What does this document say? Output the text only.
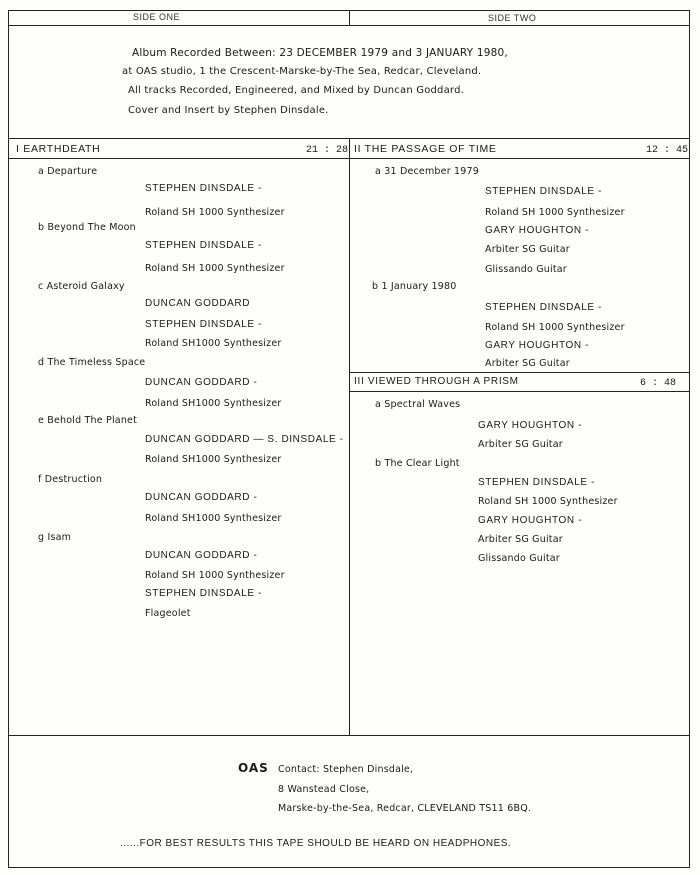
SIDE ONE	SIDE TWO
Album Recorded Between: 23 DECEMBER 1979 and 3 JANUARY 1980,
at OAS studio, 1 the Crescent-Marske-by-The Sea, Redcar, Cleveland.
All tracks Recorded, Engineered, and Mixed by Duncan Goddard.
Cover and Insert by Stephen Dinsdale.
I EARTHDEATH	21 : 28
a Departure
STEPHEN DINSDALE -
Roland SH 1000 Synthesizer
b Beyond The Moon
STEPHEN DINSDALE -
Roland SH 1000 Synthesizer
c Asteroid Galaxy
DUNCAN GODDARD
STEPHEN DINSDALE -
Roland SH1000 Synthesizer
d The Timeless Space
DUNCAN GODDARD -
Roland SH1000 Synthesizer
e Behold The Planet
DUNCAN GODDARD — S. DINSDALE -
Roland SH1000 Synthesizer
f Destruction
DUNCAN GODDARD -
Roland SH1000 Synthesizer
g Isam
DUNCAN GODDARD -
Roland SH 1000 Synthesizer
STEPHEN DINSDALE -
Flageolet
II THE PASSAGE OF TIME	12 : 45
a 31 December 1979
STEPHEN DINSDALE -
Roland SH 1000 Synthesizer
GARY HOUGHTON -
Arbiter SG Guitar
Glissando Guitar
b 1 January 1980
STEPHEN DINSDALE -
Roland SH 1000 Synthesizer
GARY HOUGHTON -
Arbiter SG Guitar
III VIEWED THROUGH A PRISM	6 : 48
a Spectral Waves
GARY HOUGHTON -
Arbiter SG Guitar
b The Clear Light
STEPHEN DINSDALE -
Roland SH 1000 Synthesizer
GARY HOUGHTON -
Arbiter SG Guitar
Glissando Guitar
OAS Contact: Stephen Dinsdale,
8 Wanstead Close,
Marske-by-the-Sea, Redcar, CLEVELAND TS11 6BQ.
......FOR BEST RESULTS THIS TAPE SHOULD BE HEARD ON HEADPHONES.
